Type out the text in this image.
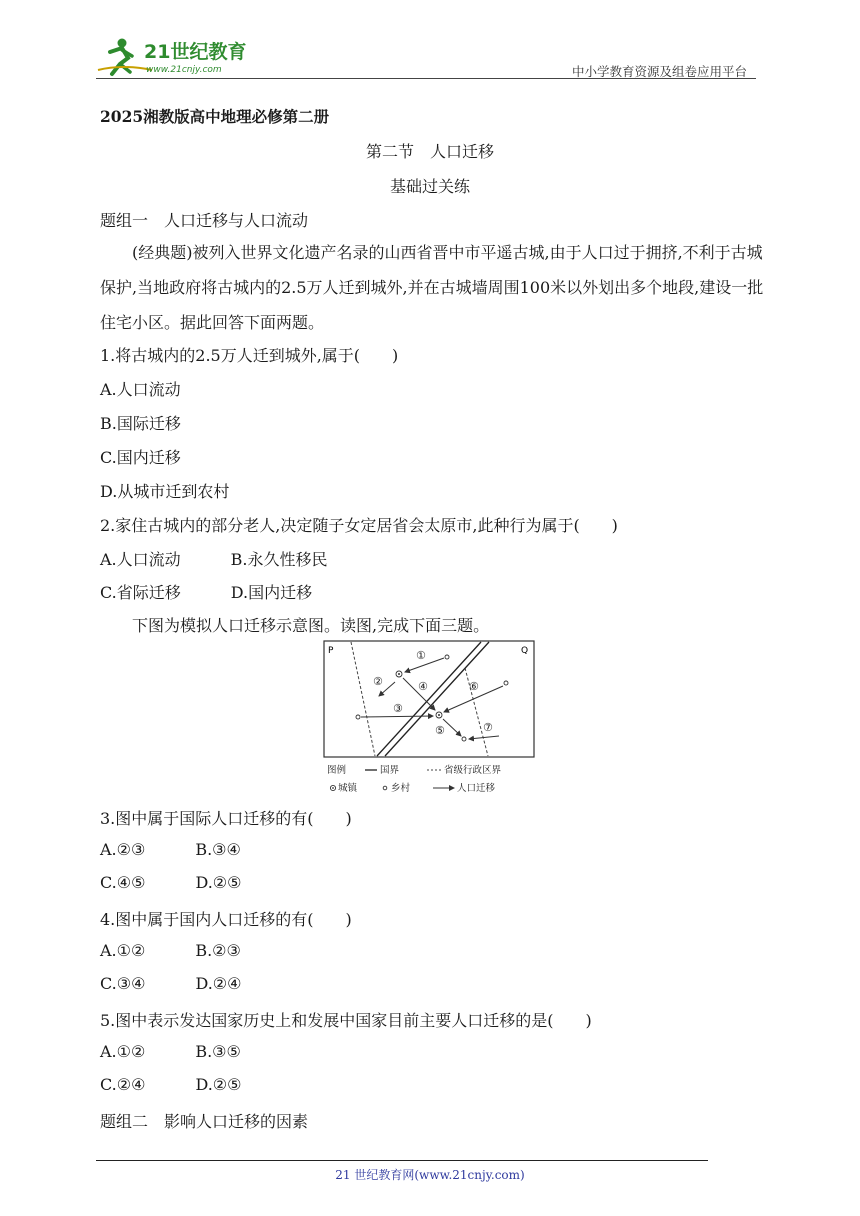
21世纪教育
www.21cnjy.com	中小学教育资源及组卷应用平台
2025湘教版高中地理必修第二册
第二节　人口迁移
基础过关练
题组一　人口迁移与人口流动
(经典题)被列入世界文化遗产名录的山西省晋中市平遥古城,由于人口过于拥挤,不利于古城保护,当地政府将古城内的2.5万人迁到城外,并在古城墙周围100米以外划出多个地段,建设一批住宅小区。据此回答下面两题。
1.将古城内的2.5万人迁到城外,属于(　　)
A.人口流动
B.国际迁移
C.国内迁移
D.从城市迁到农村
2.家住古城内的部分老人,决定随子女定居省会太原市,此种行为属于(　　)
A.人口流动	B.永久性移民
C.省际迁移	D.国内迁移
下图为模拟人口迁移示意图。读图,完成下面三题。
P	Q
①
②
③
④
⑤
⑥
⑦
图例	国界	省级行政区界
城镇	乡村	人口迁移
3.图中属于国际人口迁移的有(　　)
A.②③	B.③④
C.④⑤	D.②⑤
4.图中属于国内人口迁移的有(　　)
A.①②	B.②③
C.③④	D.②④
5.图中表示发达国家历史上和发展中国家目前主要人口迁移的是(　　)
A.①②	B.③⑤
C.②④	D.②⑤
题组二　影响人口迁移的因素
21 世纪教育网(www.21cnjy.com)
